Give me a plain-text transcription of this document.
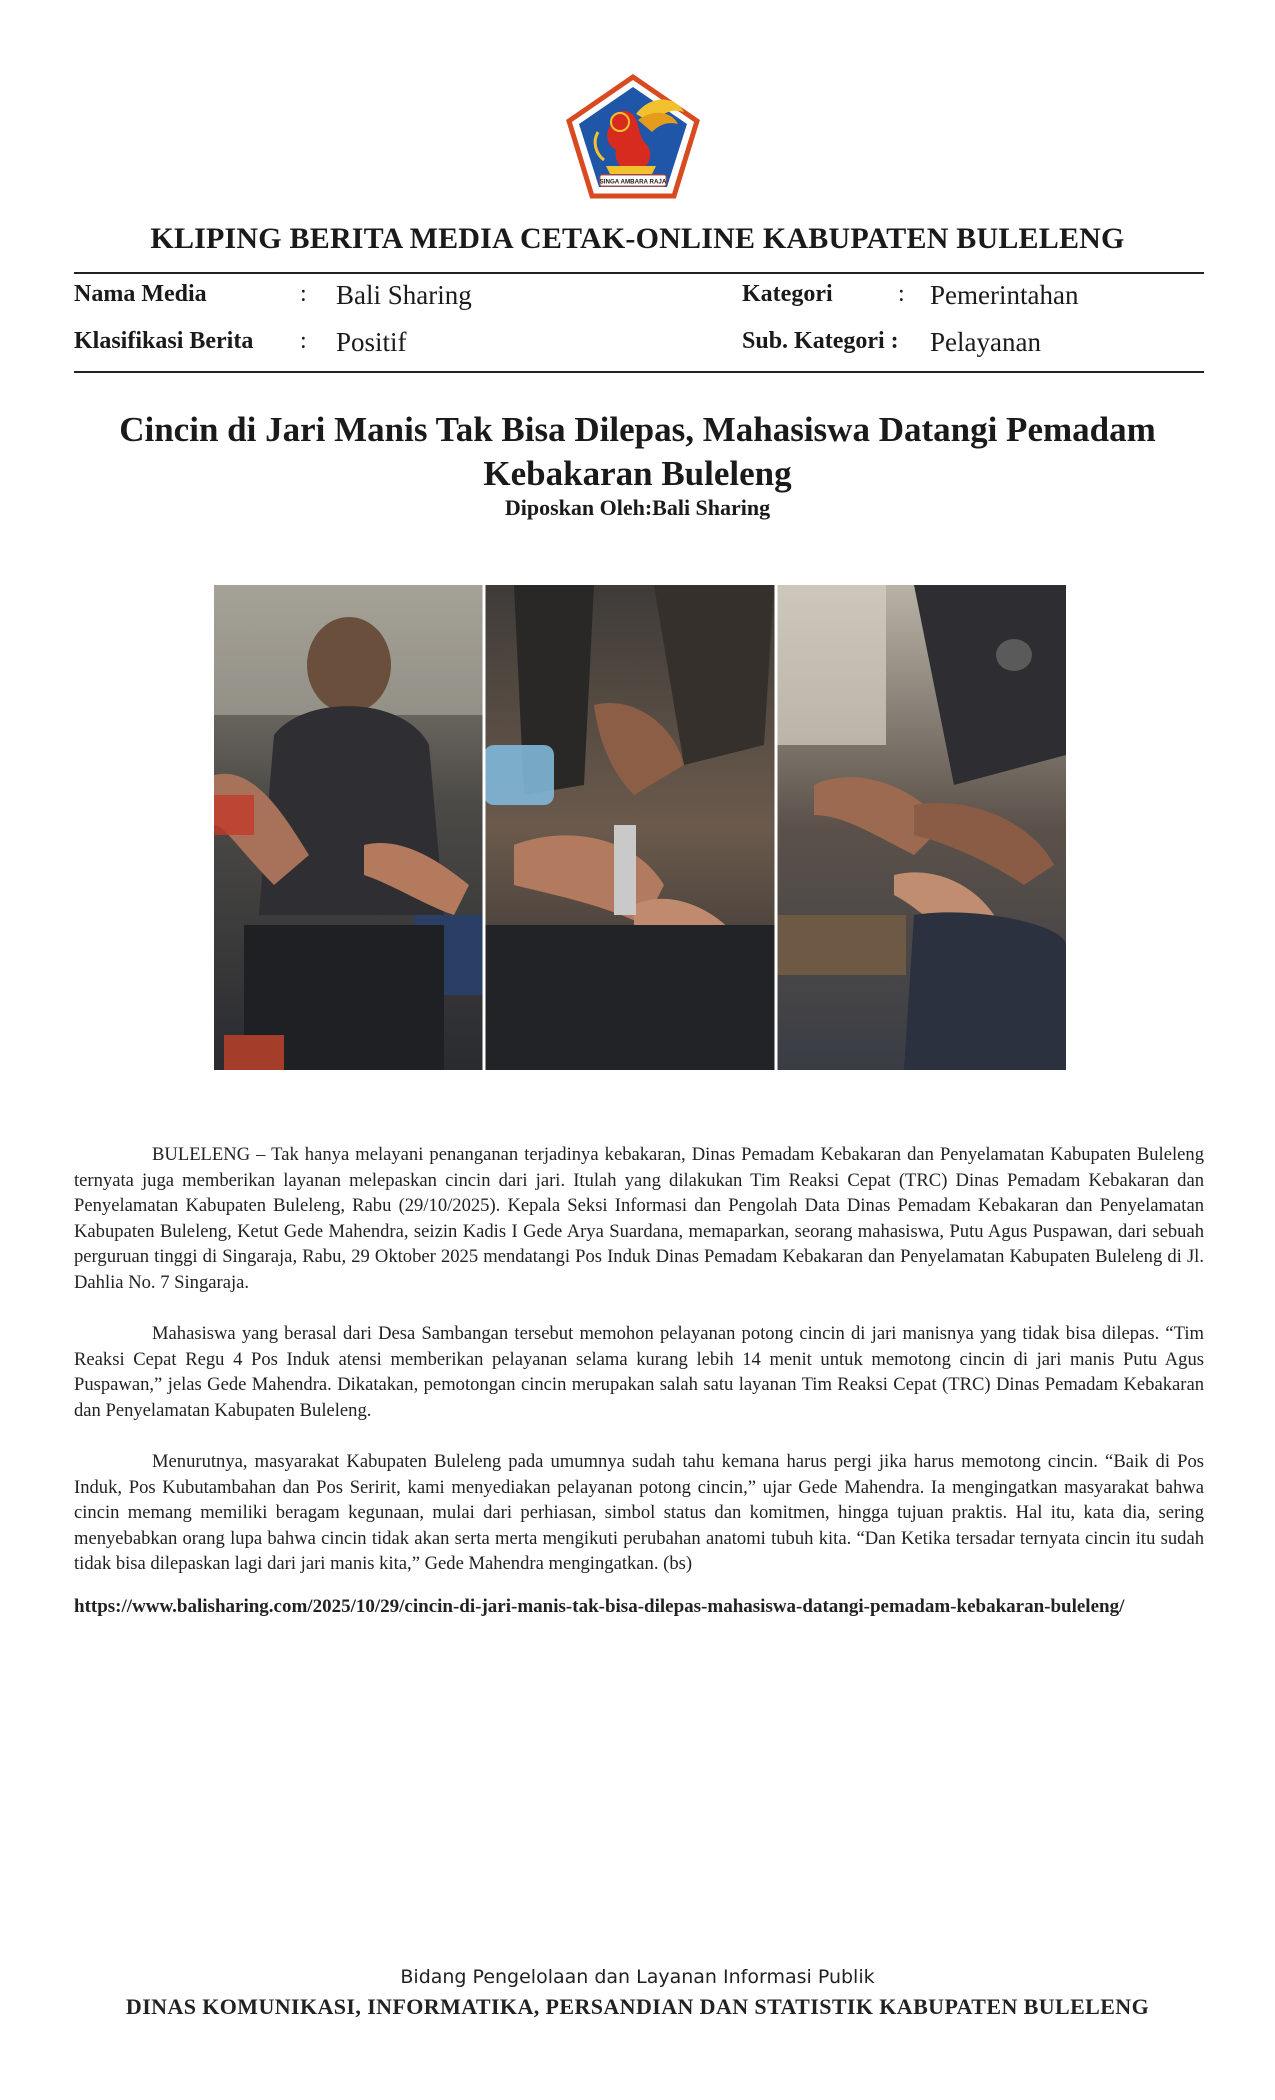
SINGA AMBARA RAJA
KLIPING BERITA MEDIA CETAK-ONLINE KABUPATEN BULELENG
Nama Media	: Bali Sharing	Kategori	: Pemerintahan
Klasifikasi Berita : Positif	Sub. Kategori : Pelayanan
Cincin di Jari Manis Tak Bisa Dilepas, Mahasiswa Datangi Pemadam Kebakaran Buleleng
Diposkan Oleh:Bali Sharing

BULELENG – Tak hanya melayani penanganan terjadinya kebakaran, Dinas Pemadam Kebakaran dan Penyelamatan Kabupaten Buleleng ternyata juga memberikan layanan melepaskan cincin dari jari. Itulah yang dilakukan Tim Reaksi Cepat (TRC) Dinas Pemadam Kebakaran dan Penyelamatan Kabupaten Buleleng, Rabu (29/10/2025). Kepala Seksi Informasi dan Pengolah Data Dinas Pemadam Kebakaran dan Penyelamatan Kabupaten Buleleng, Ketut Gede Mahendra, seizin Kadis I Gede Arya Suardana, memaparkan, seorang mahasiswa, Putu Agus Puspawan, dari sebuah perguruan tinggi di Singaraja, Rabu, 29 Oktober 2025 mendatangi Pos Induk Dinas Pemadam Kebakaran dan Penyelamatan Kabupaten Buleleng di Jl. Dahlia No. 7 Singaraja.

Mahasiswa yang berasal dari Desa Sambangan tersebut memohon pelayanan potong cincin di jari manisnya yang tidak bisa dilepas. “Tim Reaksi Cepat Regu 4 Pos Induk atensi memberikan pelayanan selama kurang lebih 14 menit untuk memotong cincin di jari manis Putu Agus Puspawan,” jelas Gede Mahendra. Dikatakan, pemotongan cincin merupakan salah satu layanan Tim Reaksi Cepat (TRC) Dinas Pemadam Kebakaran dan Penyelamatan Kabupaten Buleleng.

Menurutnya, masyarakat Kabupaten Buleleng pada umumnya sudah tahu kemana harus pergi jika harus memotong cincin. “Baik di Pos Induk, Pos Kubutambahan dan Pos Seririt, kami menyediakan pelayanan potong cincin,” ujar Gede Mahendra. Ia mengingatkan masyarakat bahwa cincin memang memiliki beragam kegunaan, mulai dari perhiasan, simbol status dan komitmen, hingga tujuan praktis. Hal itu, kata dia, sering menyebabkan orang lupa bahwa cincin tidak akan serta merta mengikuti perubahan anatomi tubuh kita. “Dan Ketika tersadar ternyata cincin itu sudah tidak bisa dilepaskan lagi dari jari manis kita,” Gede Mahendra mengingatkan. (bs)

https://www.balisharing.com/2025/10/29/cincin-di-jari-manis-tak-bisa-dilepas-mahasiswa-datangi-pemadam-kebakaran-buleleng/
Bidang Pengelolaan dan Layanan Informasi Publik
DINAS KOMUNIKASI, INFORMATIKA, PERSANDIAN DAN STATISTIK KABUPATEN BULELENG
